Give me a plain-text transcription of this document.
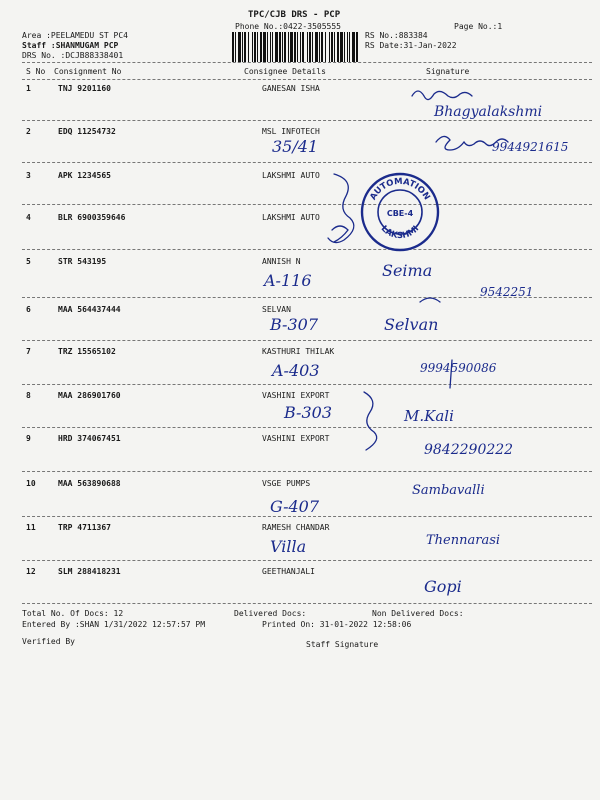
TPC/CJB DRS - PCP
Phone No.:0422-3505555	Page No.:1
Area :PEELAMEDU ST PC4
Staff :SHANMUGAM PCP
DRS No. :DCJB88338401
RS No.:883384
RS Date:31-Jan-2022
S No Consignment No	Consignee Details	Signature
1	TNJ 9201160	GANESAN ISHA
Bhagyalakshmi
9944921615
2	EDQ 11254732	MSL INFOTECH
35/41
3	APK 1234565	LAKSHMI AUTO
4	BLR 6900359646	LAKSHMI AUTO
5	STR 543195	ANNISH N
A-116
Seima
9542251
6	MAA 564437444	SELVAN
B-307	Selvan
7	TRZ 15565102	KASTHURI THILAK
A-403	9994590086
8	MAA 286901760	VASHINI EXPORT
B-303	M.Kali
9	HRD 374067451	VASHINI EXPORT
9842290222
10	MAA 563890688	VSGE PUMPS
G-407
Sambavalli
11	TRP 4711367	RAMESH CHANDAR
Villa	Thennarasi
12	SLM 288418231	GEETHANJALI
Gopi
AUTOMATION
LAKSHMI
CBE-4
Total No. Of Docs: 12	Delivered Docs:	Non Delivered Docs:
Entered By :SHAN 1/31/2022 12:57:57 PM	Printed On: 31-01-2022 12:58:06
Verified By	Staff Signature
